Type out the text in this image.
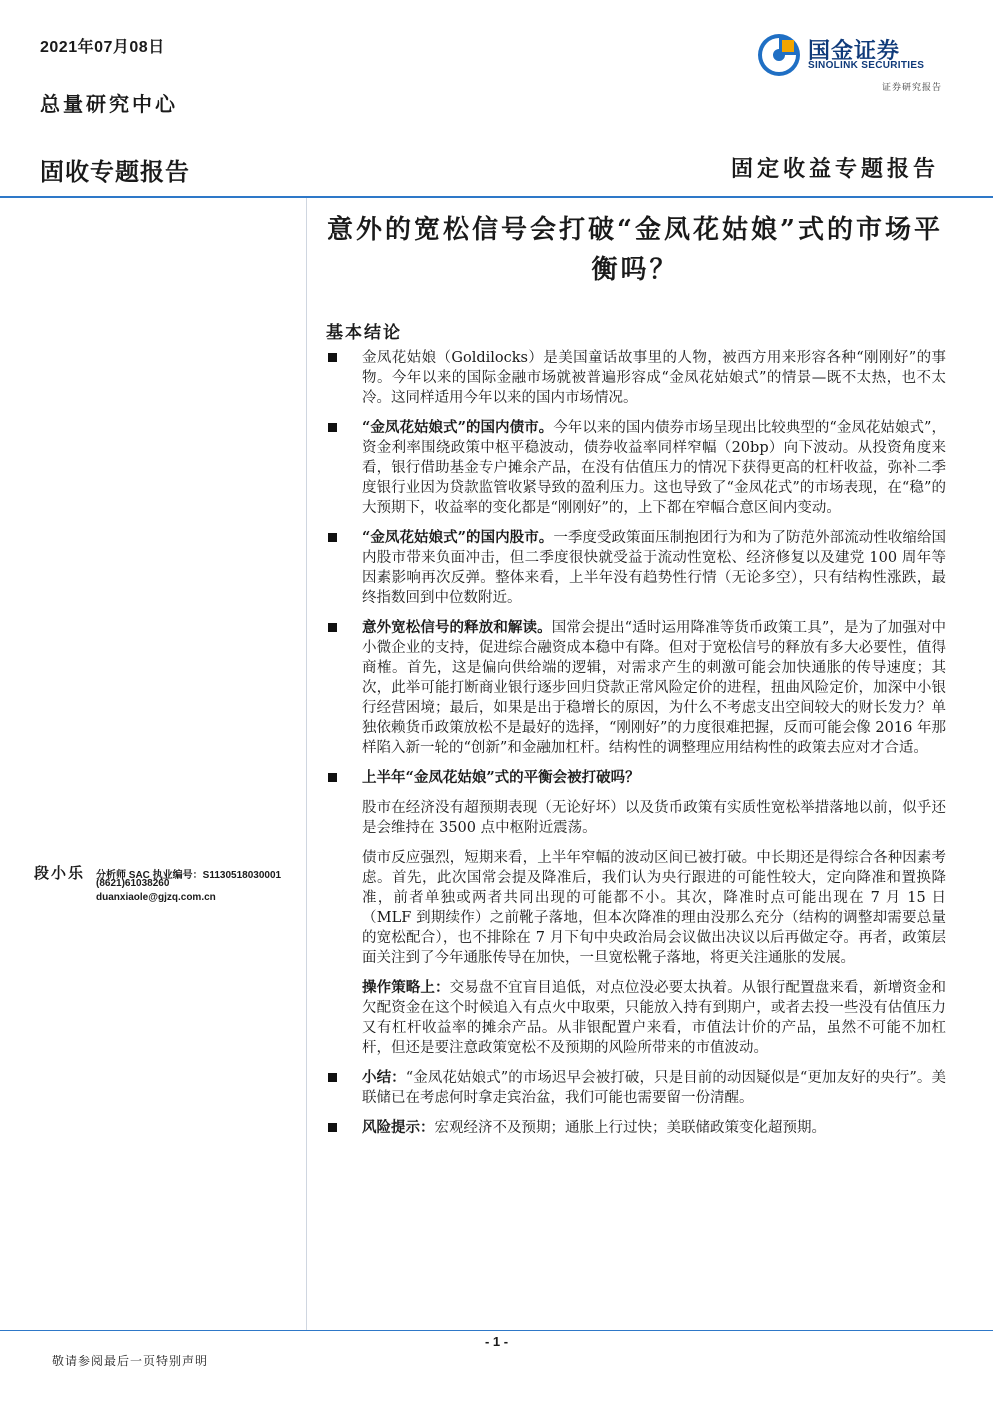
2021年07月08日
总量研究中心
国金证券
SINOLINK SECURITIES
证券研究报告
固收专题报告	固定收益专题报告
意外的宽松信号会打破“金凤花姑娘”式的市场平衡吗？
基本结论
金凤花姑娘（Goldilocks）是美国童话故事里的人物，被西方用来形容各种“刚刚好”的事物。今年以来的国际金融市场就被普遍形容成“金凤花姑娘式”的情景—既不太热，也不太冷。这同样适用今年以来的国内市场情况。
“金凤花姑娘式”的国内债市。今年以来的国内债券市场呈现出比较典型的“金凤花姑娘式”，资金利率围绕政策中枢平稳波动，债券收益率同样窄幅（20bp）向下波动。从投资角度来看，银行借助基金专户摊余产品，在没有估值压力的情况下获得更高的杠杆收益，弥补二季度银行业因为贷款监管收紧导致的盈利压力。这也导致了“金凤花式”的市场表现，在“稳”的大预期下，收益率的变化都是“刚刚好”的，上下都在窄幅合意区间内变动。
“金凤花姑娘式”的国内股市。一季度受政策面压制抱团行为和为了防范外部流动性收缩给国内股市带来负面冲击，但二季度很快就受益于流动性宽松、经济修复以及建党 100 周年等因素影响再次反弹。整体来看，上半年没有趋势性行情（无论多空），只有结构性涨跌，最终指数回到中位数附近。
意外宽松信号的释放和解读。国常会提出“适时运用降准等货币政策工具”，是为了加强对中小微企业的支持，促进综合融资成本稳中有降。但对于宽松信号的释放有多大必要性，值得商榷。首先，这是偏向供给端的逻辑，对需求产生的刺激可能会加快通胀的传导速度；其次，此举可能打断商业银行逐步回归贷款正常风险定价的进程，扭曲风险定价，加深中小银行经营困境；最后，如果是出于稳增长的原因，为什么不考虑支出空间较大的财长发力？单独依赖货币政策放松不是最好的选择，“刚刚好”的力度很难把握，反而可能会像 2016 年那样陷入新一轮的“创新”和金融加杠杆。结构性的调整理应用结构性的政策去应对才合适。
上半年“金凤花姑娘”式的平衡会被打破吗？
股市在经济没有超预期表现（无论好坏）以及货币政策有实质性宽松举措落地以前，似乎还是会维持在 3500 点中枢附近震荡。
债市反应强烈，短期来看，上半年窄幅的波动区间已被打破。中长期还是得综合各种因素考虑。首先，此次国常会提及降准后，我们认为央行跟进的可能性较大，定向降准和置换降准，前者单独或两者共同出现的可能都不小。其次，降准时点可能出现在 7 月 15 日（MLF 到期续作）之前靴子落地，但本次降准的理由没那么充分（结构的调整却需要总量的宽松配合），也不排除在 7 月下旬中央政治局会议做出决议以后再做定夺。再者，政策层面关注到了今年通胀传导在加快，一旦宽松靴子落地，将更关注通胀的发展。
操作策略上：交易盘不宜盲目追低，对点位没必要太执着。从银行配置盘来看，新增资金和欠配资金在这个时候追入有点火中取栗，只能放入持有到期户，或者去投一些没有估值压力又有杠杆收益率的摊余产品。从非银配置户来看，市值法计价的产品，虽然不可能不加杠杆，但还是要注意政策宽松不及预期的风险所带来的市值波动。
小结：“金凤花姑娘式”的市场迟早会被打破，只是目前的动因疑似是“更加友好的央行”。美联储已在考虑何时拿走宾治盆，我们可能也需要留一份清醒。
风险提示：宏观经济不及预期；通胀上行过快；美联储政策变化超预期。
段小乐 分析师 SAC 执业编号：S1130518030001
(8621)61038260
duanxiaole@gjzq.com.cn
- 1 -
敬请参阅最后一页特别声明
